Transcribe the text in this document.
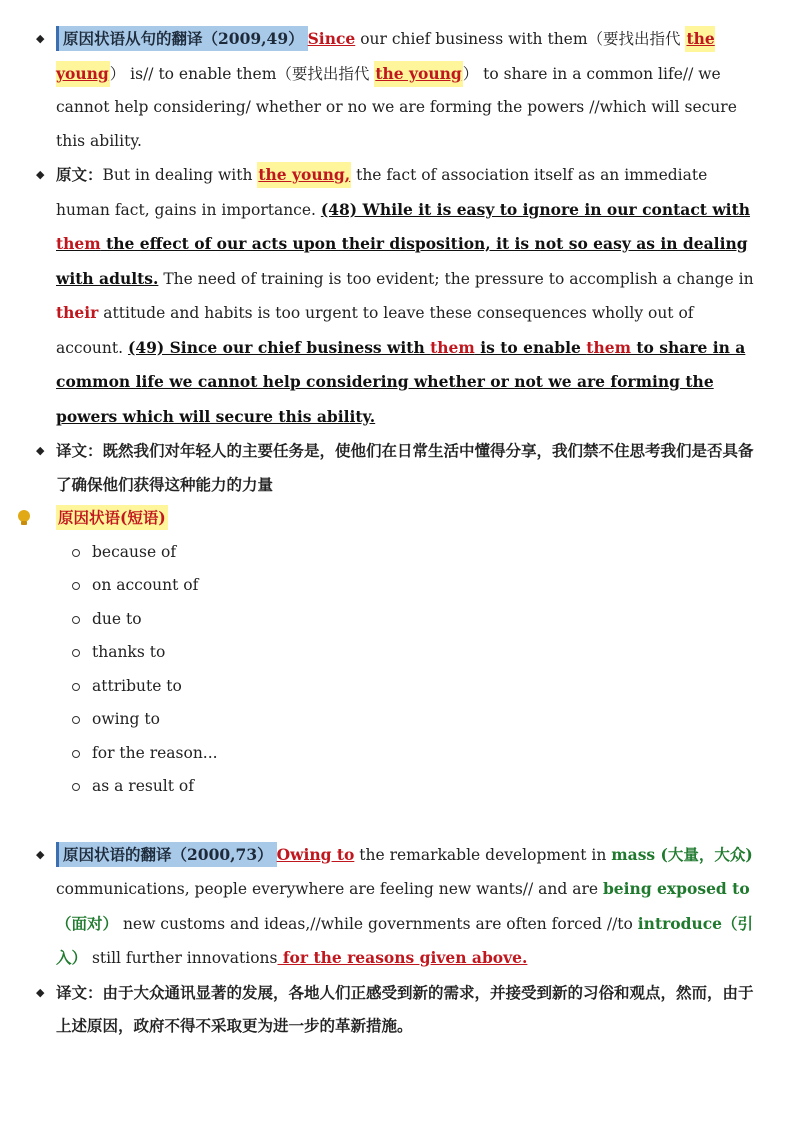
◆ 原因状语从句的翻译（2009,49） Since our chief business with them（要找出指代 the young） is// to enable them（要找出指代 the young） to share in a common life// we cannot help considering/ whether or no we are forming the powers //which will secure this ability.

◆ 原文：But in dealing with the young, the fact of association itself as an immediate human fact, gains in importance. (48) While it is easy to ignore in our contact with them the effect of our acts upon their disposition, it is not so easy as in dealing with adults. The need of training is too evident; the pressure to accomplish a change in their attitude and habits is too urgent to leave these consequences wholly out of account. (49) Since our chief business with them is to enable them to share in a common life we cannot help considering whether or not we are forming the powers which will secure this ability.

◆ 译文：既然我们对年轻人的主要任务是，使他们在日常生活中懂得分享，我们禁不住思考我们是否具备了确保他们获得这种能力的力量

原因状语(短语)
because of
on account of
due to
thanks to
attribute to
owing to
for the reason...
as a result of

◆ 原因状语的翻译（2000,73） Owing to the remarkable development in mass (大量，大众) communications, people everywhere are feeling new wants// and are being exposed to（面对） new customs and ideas,//while governments are often forced //to introduce（引入） still further innovations for the reasons given above.

◆ 译文：由于大众通讯显著的发展，各地人们正感受到新的需求，并接受到新的习俗和观点，然而，由于上述原因，政府不得不采取更为进一步的革新措施。
